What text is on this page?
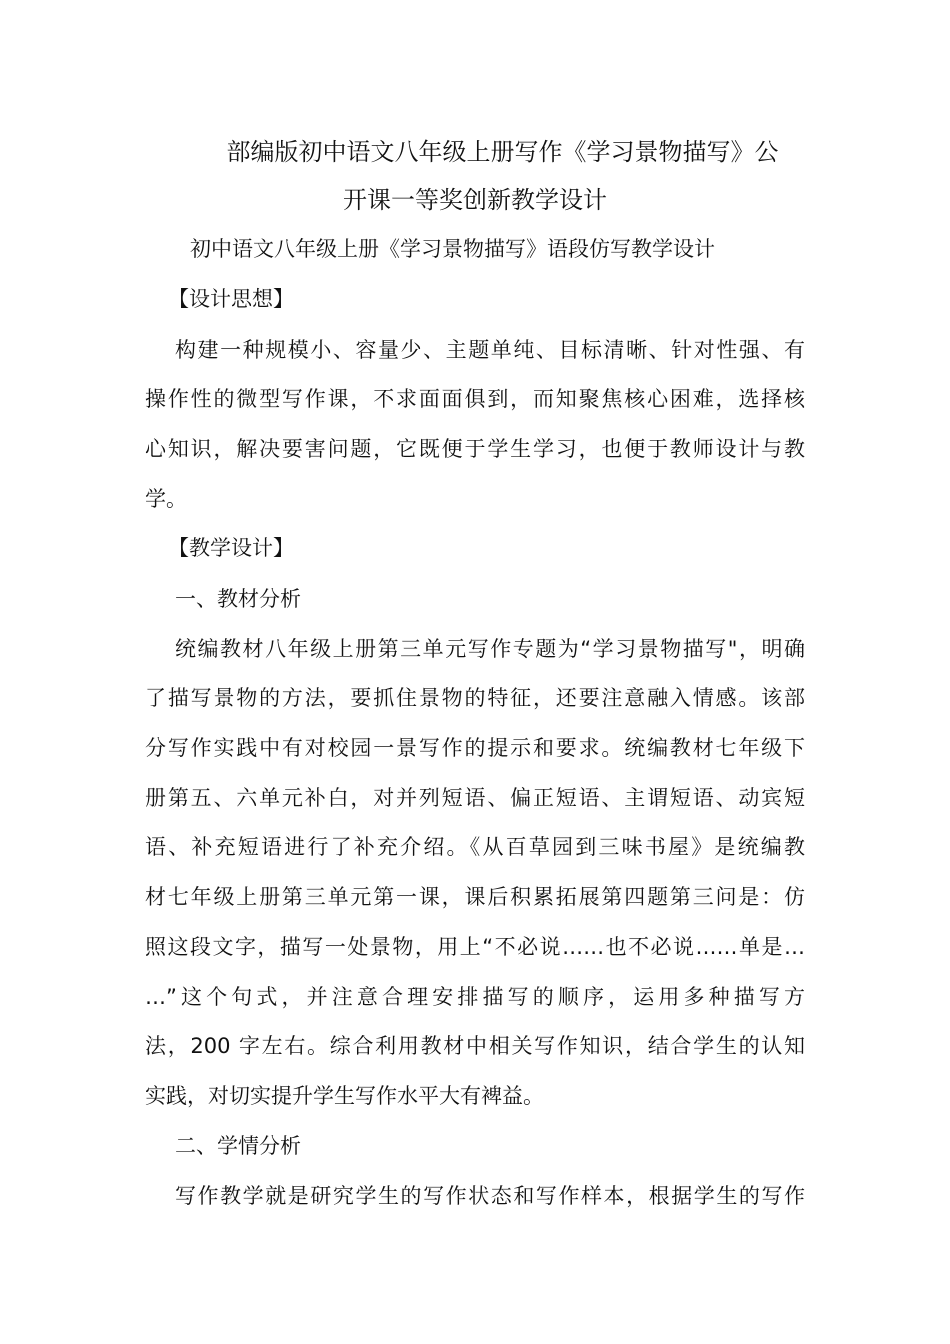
部编版初中语文八年级上册写作《学习景物描写》公
开课一等奖创新教学设计
初中语文八年级上册《学习景物描写》语段仿写教学设计
【设计思想】
构建一种规模小、容量少、主题单纯、目标清晰、针对性强、有
操作性的微型写作课，不求面面俱到，而知聚焦核心困难，选择核
心知识，解决要害问题，它既便于学生学习，也便于教师设计与教
学。
【教学设计】
一、教材分析
统编教材八年级上册第三单元写作专题为“学习景物描写"，明确
了描写景物的方法，要抓住景物的特征，还要注意融入情感。该部
分写作实践中有对校园一景写作的提示和要求。统编教材七年级下
册第五、六单元补白，对并列短语、偏正短语、主谓短语、动宾短
语、补充短语进行了补充介绍。《从百草园到三味书屋》是统编教
材七年级上册第三单元第一课，课后积累拓展第四题第三问是：仿
照这段文字，描写一处景物，用上“不必说……也不必说……单是…
…”这个句式，并注意合理安排描写的顺序，运用多种描写方
法，200 字左右。综合利用教材中相关写作知识，结合学生的认知
实践，对切实提升学生写作水平大有裨益。
二、学情分析
写作教学就是研究学生的写作状态和写作样本，根据学生的写作
